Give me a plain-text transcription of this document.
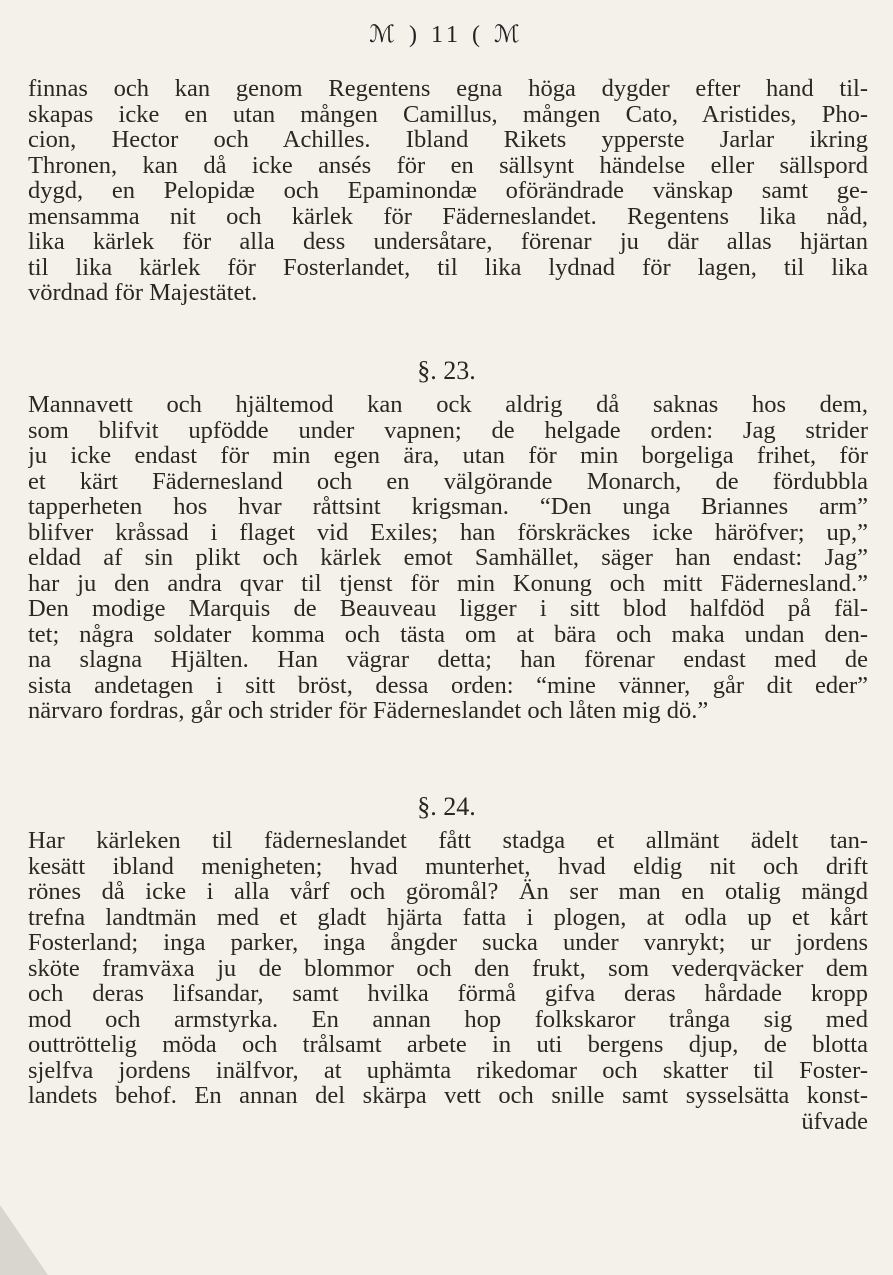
ℳ ) 11 ( ℳ
finnas och kan genom Regentens egna höga dygder efter hand til-
skapas icke en utan mången Camillus, mången Cato, Aristides, Pho-
cion, Hector och Achilles. Ibland Rikets ypperste Jarlar ikring
Thronen, kan då icke ansés för en sällsynt händelse eller sällspord
dygd, en Pelopidæ och Epaminondæ oförändrade vänskap samt ge-
mensamma nit och kärlek för Fäderneslandet. Regentens lika nåd,
lika kärlek för alla dess undersåtare, förenar ju där allas hjärtan
til lika kärlek för Fosterlandet, til lika lydnad för lagen, til lika
vördnad för Majestätet.
§. 23.
Mannavett och hjältemod kan ock aldrig då saknas hos dem,
som blifvit upfödde under vapnen; de helgade orden: Jag strider
ju icke endast för min egen ära, utan för min borgeliga frihet, för
et kärt Fädernesland och en välgörande Monarch, de fördubbla
tapperheten hos hvar råttsint krigsman. “Den unga Briannes arm”
blifver kråssad i flaget vid Exiles; han förskräckes icke häröfver; up,”
eldad af sin plikt och kärlek emot Samhället, säger han endast: Jag”
har ju den andra qvar til tjenst för min Konung och mitt Fädernesland.”
Den modige Marquis de Beauveau ligger i sitt blod halfdöd på fäl-
tet; några soldater komma och tästa om at bära och maka undan den-
na slagna Hjälten. Han vägrar detta; han förenar endast med de
sista andetagen i sitt bröst, dessa orden: “mine vänner, går dit eder”
närvaro fordras, går och strider för Fäderneslandet och låten mig dö.”
§. 24.
Har kärleken til fäderneslandet fått stadga et allmänt ädelt tan-
kesätt ibland menigheten; hvad munterhet, hvad eldig nit och drift
rönes då icke i alla vårf och göromål? Än ser man en otalig mängd
trefna landtmän med et gladt hjärta fatta i plogen, at odla up et kårt
Fosterland; inga parker, inga ångder sucka under vanrykt; ur jordens
sköte framväxa ju de blommor och den frukt, som vederqväcker dem
och deras lifsandar, samt hvilka förmå gifva deras hårdade kropp
mod och armstyrka. En annan hop folkskaror trånga sig med
outtröttelig möda och trålsamt arbete in uti bergens djup, de blotta
sjelfva jordens inälfvor, at uphämta rikedomar och skatter til Foster-
landets behof. En annan del skärpa vett och snille samt sysselsätta konst-
üfvade
